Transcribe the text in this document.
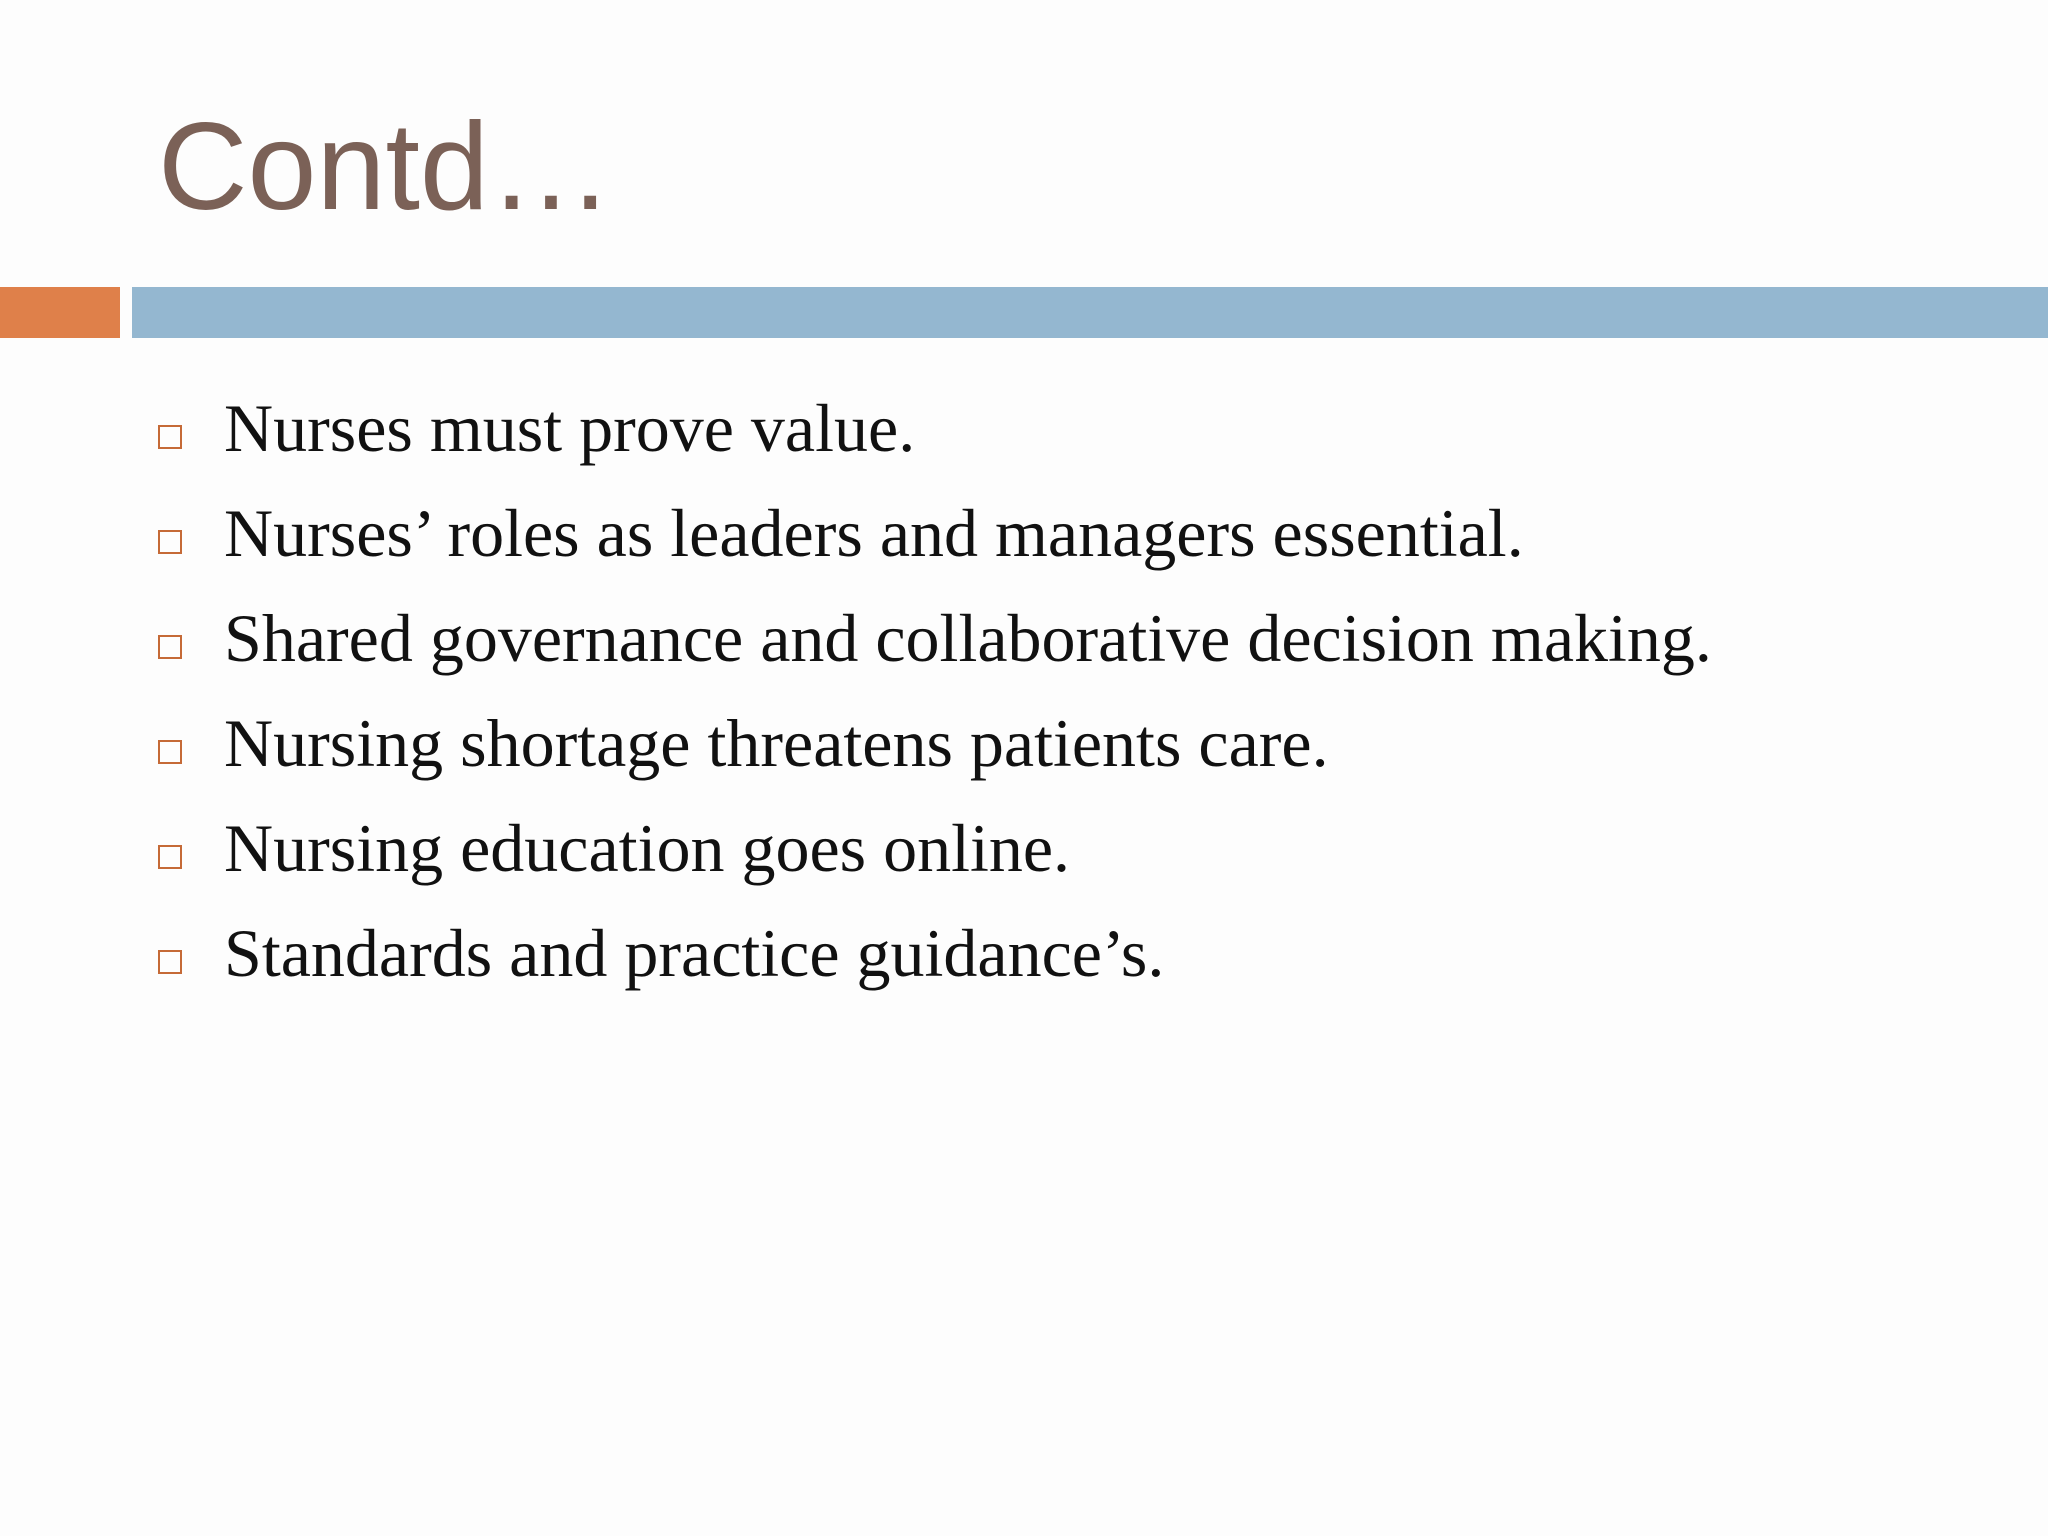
Contd…
Nurses must prove value.
Nurses’ roles as leaders and managers essential.
Shared governance and collaborative decision making.
Nursing shortage threatens patients care.
Nursing education goes online.
Standards and practice guidance’s.
